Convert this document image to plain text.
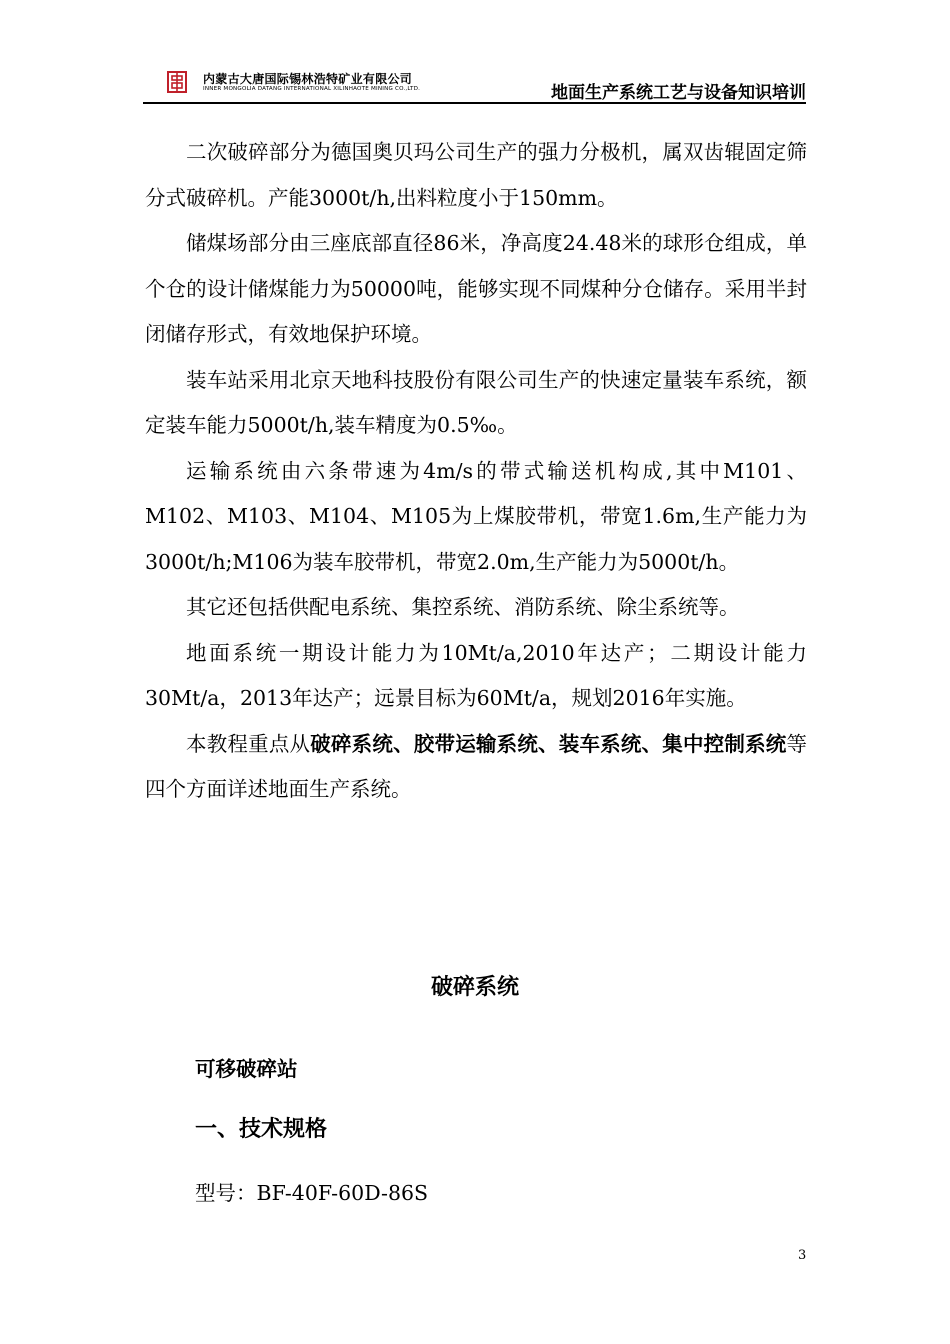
内蒙古大唐国际锡林浩特矿业有限公司
INNER MONGOLIA DATANG INTERNATIONAL XILINHAOTE MINING CO.,LTD.	地面生产系统工艺与设备知识培训

二次破碎部分为德国奥贝玛公司生产的强力分极机，属双齿辊固定筛分式破碎机。产能3000t/h,出料粒度小于150mm。

储煤场部分由三座底部直径86米，净高度24.48米的球形仓组成，单个仓的设计储煤能力为50000吨，能够实现不同煤种分仓储存。采用半封闭储存形式，有效地保护环境。

装车站采用北京天地科技股份有限公司生产的快速定量装车系统，额定装车能力5000t/h,装车精度为0.5‰。

运输系统由六条带速为4m/s的带式输送机构成,其中M101、M102、M103、M104、M105为上煤胶带机，带宽1.6m,生产能力为3000t/h;M106为装车胶带机，带宽2.0m,生产能力为5000t/h。

其它还包括供配电系统、集控系统、消防系统、除尘系统等。

地面系统一期设计能力为10Mt/a,2010年达产；二期设计能力30Mt/a，2013年达产；远景目标为60Mt/a，规划2016年实施。

本教程重点从破碎系统、胶带运输系统、装车系统、集中控制系统等四个方面详述地面生产系统。

破碎系统
可移破碎站
一、技术规格
型号：BF-40F-60D-86S
3
